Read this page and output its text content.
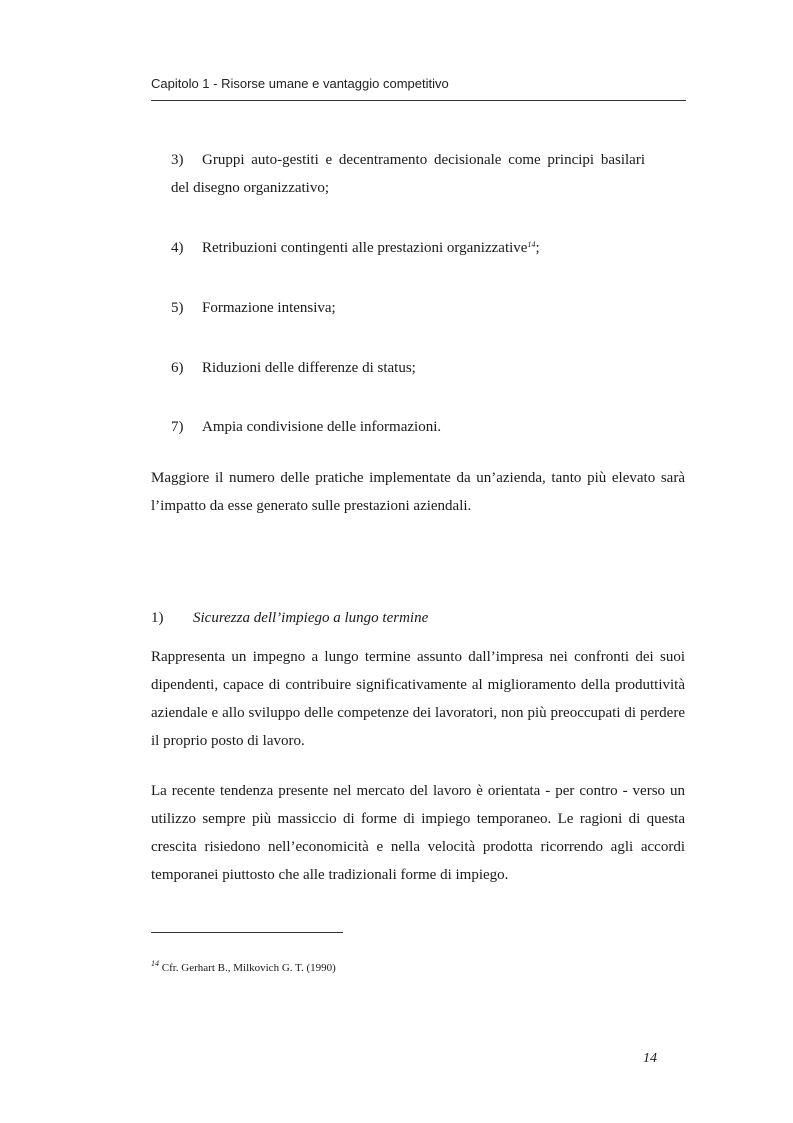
Capitolo 1 - Risorse umane e vantaggio competitivo
3) Gruppi auto-gestiti e decentramento decisionale come principi basilari del disegno organizzativo;
4) Retribuzioni contingenti alle prestazioni organizzative$^{14}$;
5) Formazione intensiva;
6) Riduzioni delle differenze di status;
7) Ampia condivisione delle informazioni.
Maggiore il numero delle pratiche implementate da un’azienda, tanto più elevato sarà l’impatto da esse generato sulle prestazioni aziendali.
1) Sicurezza dell’impiego a lungo termine
Rappresenta un impegno a lungo termine assunto dall’impresa nei confronti dei suoi dipendenti, capace di contribuire significativamente al miglioramento della produttività aziendale e allo sviluppo delle competenze dei lavoratori, non più preoccupati di perdere il proprio posto di lavoro.
La recente tendenza presente nel mercato del lavoro è orientata - per contro - verso un utilizzo sempre più massiccio di forme di impiego temporaneo. Le ragioni di questa crescita risiedono nell’economicità e nella velocità prodotta ricorrendo agli accordi temporanei piuttosto che alle tradizionali forme di impiego.
$^{14}$ Cfr. Gerhart B., Milkovich G. T. (1990)
14
